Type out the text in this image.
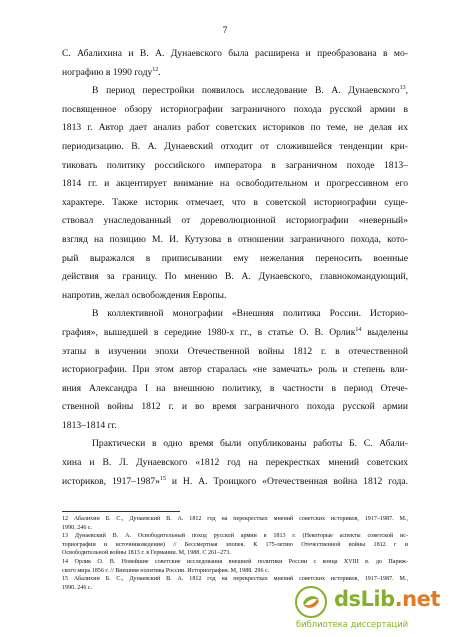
7
С. Абалихина и В. А. Дунаевского была расширена и преобразована в мо-
нографию в 1990 году$^{12}$.
В период перестройки появилось исследование В. А. Дунаевского$^{13}$,
посвященное обзору историографии заграничного похода русской армии в
1813 г. Автор дает анализ работ советских историков по теме, не делая их
периодизацию. В. А. Дунаевский отходит от сложившейся тенденции кри-
тиковать политику российского императора в заграничном походе 1813–
1814 гг. и акцентирует внимание на освободительном и прогрессивном его
характере. Также историк отмечает, что в советской историографии суще-
ствовал унаследованный от дореволюционной историографии «неверный»
взгляд на позицию М. И. Кутузова в отношении заграничного похода, кото-
рый выражался в приписывании ему нежелания переносить военные
действия за границу. По мнению В. А. Дунаевского, главнокомандующий,
напротив, желал освобождения Европы.
В коллективной монографии «Внешняя политика России. Историо-
графия», вышедшей в середине 1980-х гг., в статье О. В. Орлик$^{14}$ выделены
этапы в изучении эпохи Отечественной войны 1812 г. в отечественной
историографии. При этом автор старалась «не замечать» роль и степень вли-
яния Александра I на внешнюю политику, в частности в период Отече-
ственной войны 1812 г. и во время заграничного похода русской армии
1813–1814 гг.
Практически в одно время были опубликованы работы Б. С. Абали-
хина и В. Л. Дунаевского «1812 год на перекрестках мнений советских
историков, 1917–1987»$^{15}$ и Н. А. Троицкого «Отечественная война 1812 года.
12 Абалихин Б. С., Дунаевский В. А. 1812 год на перекрестках мнений советских историков, 1917–1987. М.,
1990. 246 с.
13 Дунаевский В. А. Освободительный поход русской армии в 1813 г. (Некоторые аспекты советской ис-
ториографии и источниковедения) // Бессмертная эпопея. К 175-летию Отечественной войны 1812 г и
Освободительной войны 1813 г. в Германии. М, 1988. С 261–273.
14 Орлик О. В. Новейшие советские исследования внешней политики России с конца XVIII в. до Париж-
ского мира 1856 г. // Внешняя политика России. Историография. М, 1988. 296 с.
15 Абалихин Б. С., Дунаевский В. А. 1812 год на перекрестках мнений советских историков, 1917–1987. М.,
1990. 246 с.	dsLib.net
библиотека диссертаций
